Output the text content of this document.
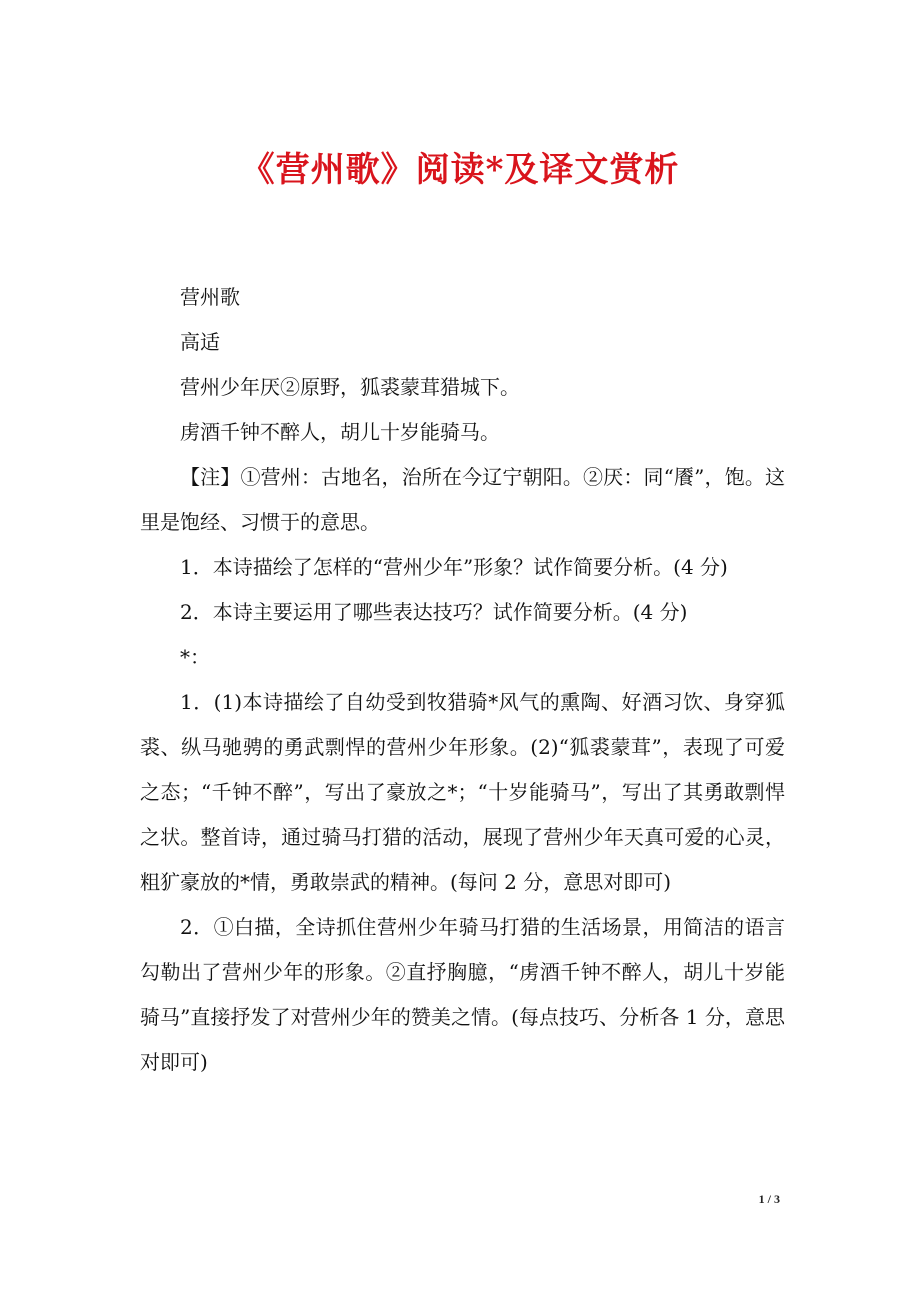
《营州歌》阅读*及译文赏析

营州歌

高适

营州少年厌②原野，狐裘蒙茸猎城下。

虏酒千钟不醉人，胡儿十岁能骑马。

【注】①营州：古地名，治所在今辽宁朝阳。②厌：同“餍”，饱。这里是饱经、习惯于的意思。

1．本诗描绘了怎样的“营州少年”形象？试作简要分析。(4 分)

2．本诗主要运用了哪些表达技巧？试作简要分析。(4 分)

*：

1．(1)本诗描绘了自幼受到牧猎骑*风气的熏陶、好酒习饮、身穿狐裘、纵马驰骋的勇武剽悍的营州少年形象。(2)“狐裘蒙茸”，表现了可爱之态；“千钟不醉”，写出了豪放之*；“十岁能骑马”，写出了其勇敢剽悍之状。整首诗，通过骑马打猎的活动，展现了营州少年天真可爱的心灵，粗犷豪放的*情，勇敢崇武的精神。(每问 2 分，意思对即可)

2．①白描，全诗抓住营州少年骑马打猎的生活场景，用简洁的语言勾勒出了营州少年的形象。②直抒胸臆，“虏酒千钟不醉人，胡儿十岁能骑马”直接抒发了对营州少年的赞美之情。(每点技巧、分析各 1 分，意思对即可)

1 / 3
